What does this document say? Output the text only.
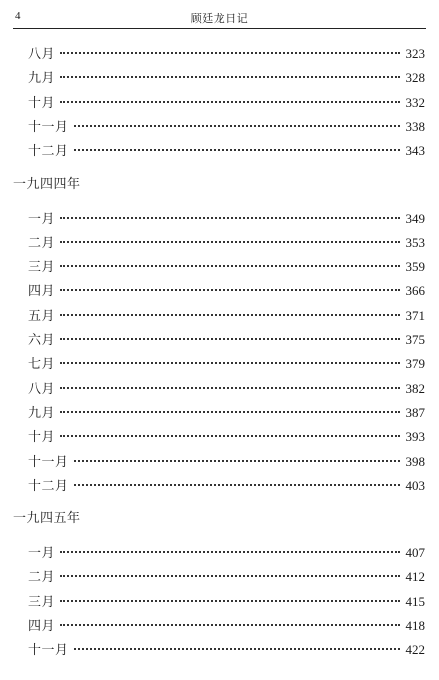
4	顾廷龙日记
八月	323
九月	328
十月	332
十一月	338
十二月	343
一九四四年
一月	349
二月	353
三月	359
四月	366
五月	371
六月	375
七月	379
八月	382
九月	387
十月	393
十一月	398
十二月	403
一九四五年
一月	407
二月	412
三月	415
四月	418
十一月	422
